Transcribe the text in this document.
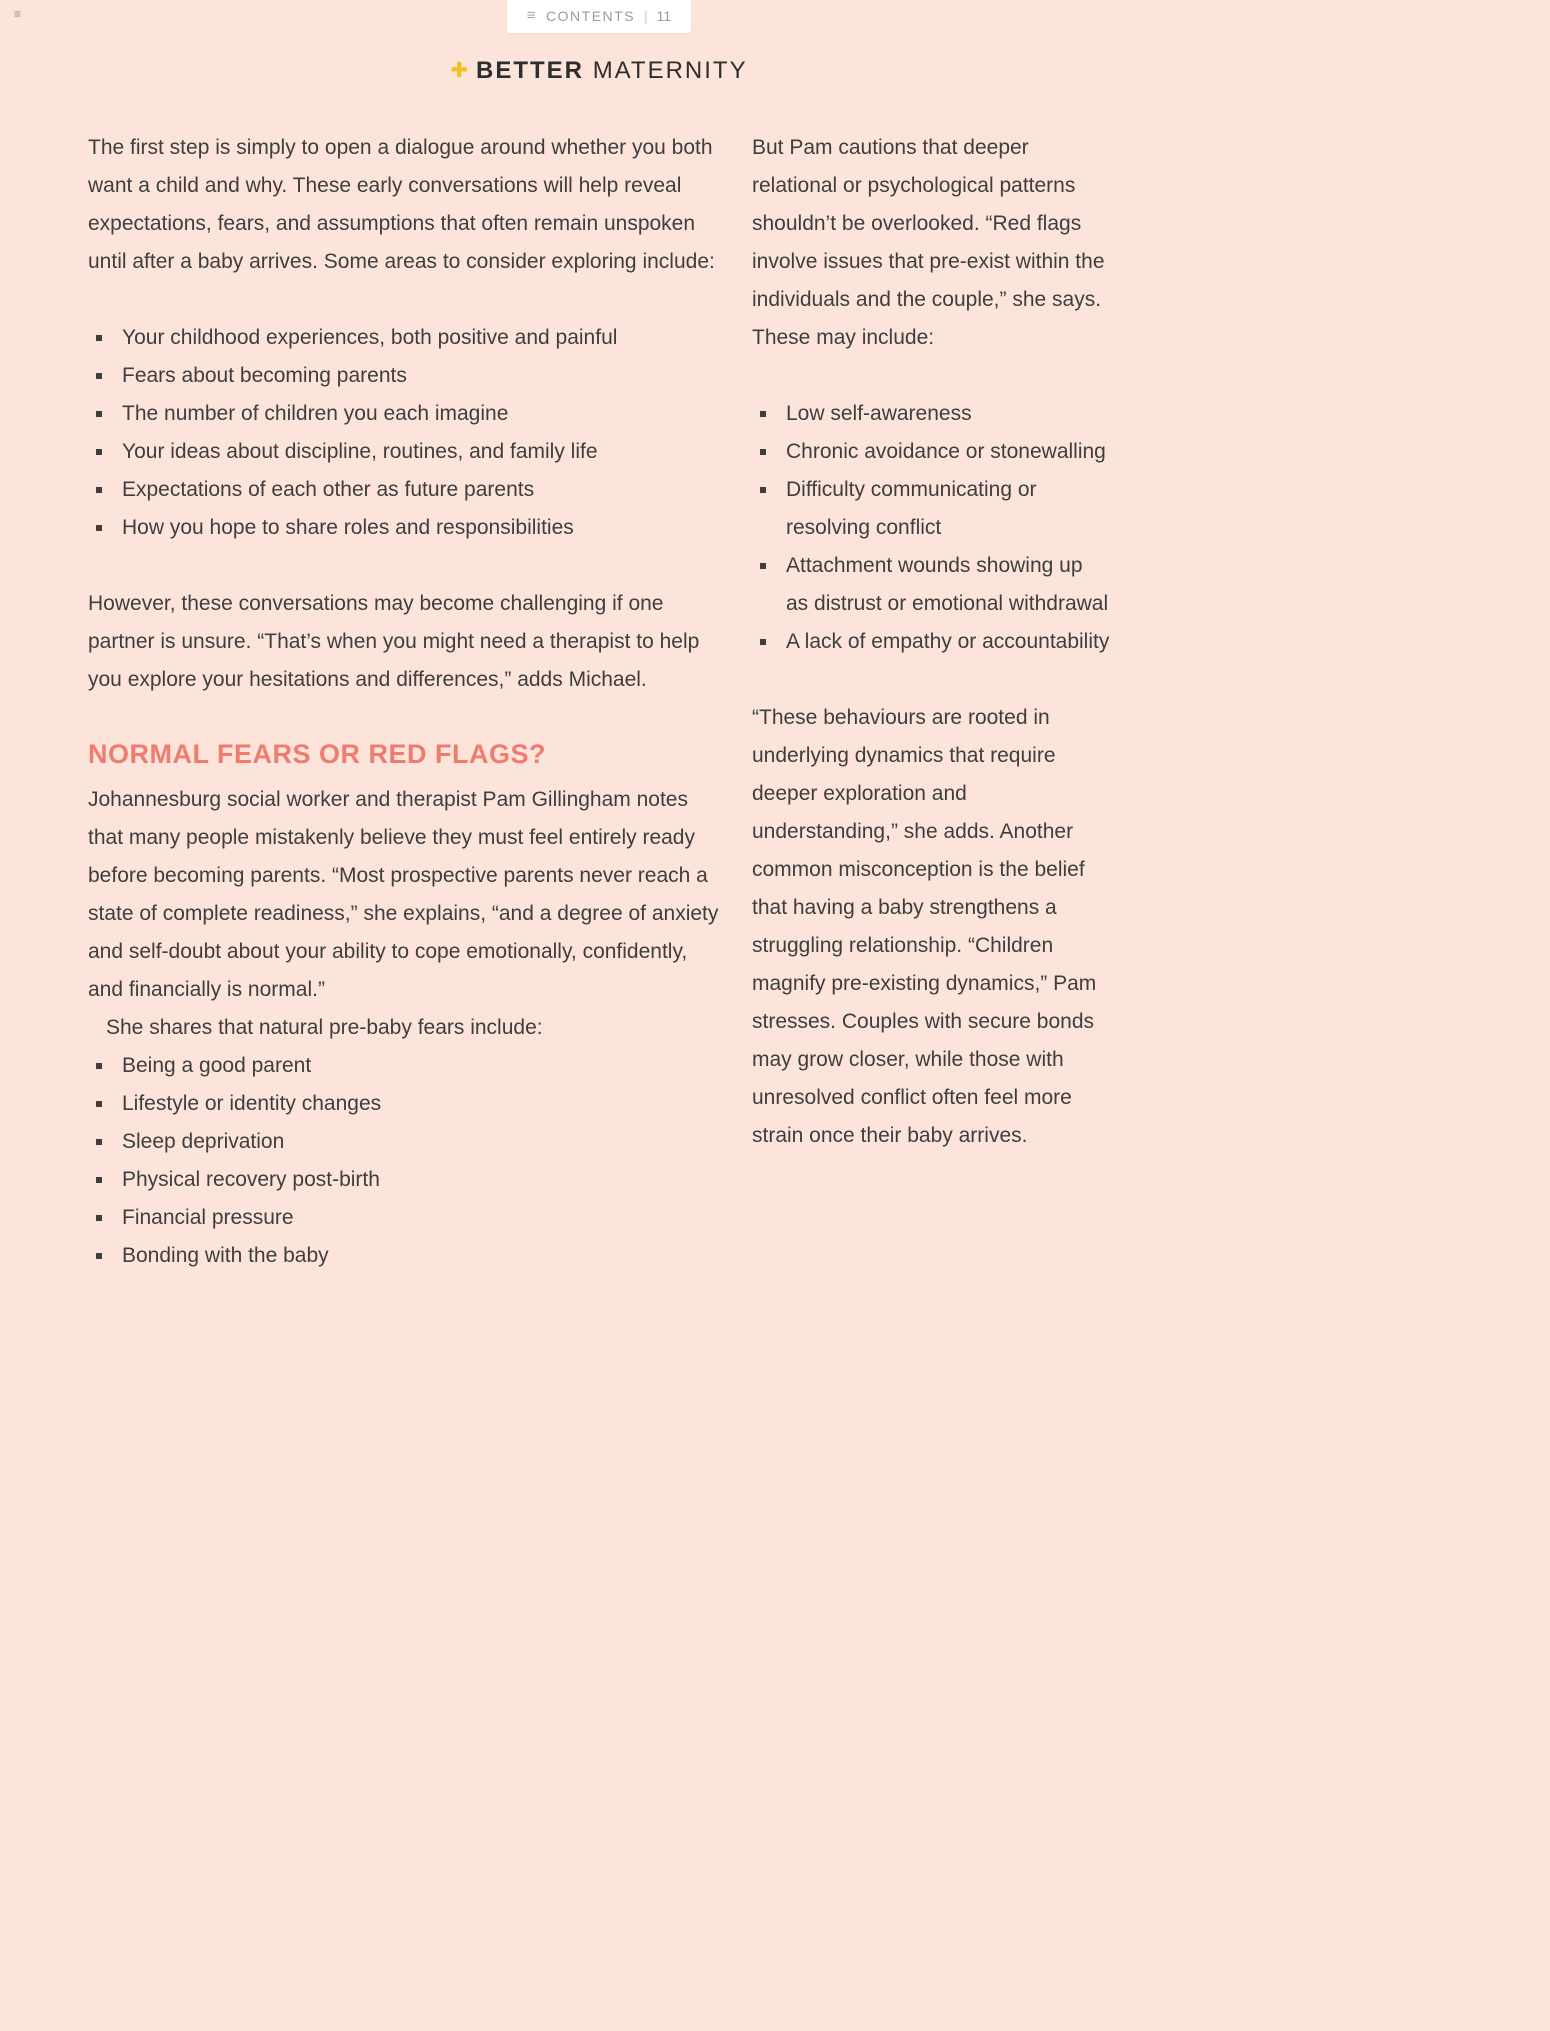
≡	≡ CONTENTS | 11
✚ BETTER MATERNITY

The first step is simply to open a dialogue around whether you both want a child and why. These early conversations will help reveal expectations, fears, and assumptions that often remain unspoken until after a baby arrives. Some areas to consider exploring include:

Your childhood experiences, both positive and painful
Fears about becoming parents
The number of children you each imagine
Your ideas about discipline, routines, and family life
Expectations of each other as future parents
How you hope to share roles and responsibilities

However, these conversations may become challenging if one partner is unsure. “That’s when you might need a therapist to help you explore your hesitations and differences,” adds Michael.

NORMAL FEARS OR RED FLAGS?

Johannesburg social worker and therapist Pam Gillingham notes that many people mistakenly believe they must feel entirely ready before becoming parents. “Most prospective parents never reach a state of complete readiness,” she explains, “and a degree of anxiety and self-doubt about your ability to cope emotionally, confidently, and financially is normal.”

She shares that natural pre-baby fears include:

Being a good parent
Lifestyle or identity changes
Sleep deprivation
Physical recovery post-birth
Financial pressure
Bonding with the baby

But Pam cautions that deeper relational or psychological patterns shouldn’t be overlooked. “Red flags involve issues that pre-exist within the individuals and the couple,” she says. These may include:

Low self-awareness
Chronic avoidance or stonewalling
Difficulty communicating or resolving conflict
Attachment wounds showing up as distrust or emotional withdrawal
A lack of empathy or accountability

“These behaviours are rooted in underlying dynamics that require deeper exploration and understanding,” she adds. Another common misconception is the belief that having a baby strengthens a struggling relationship. “Children magnify pre-existing dynamics,” Pam stresses. Couples with secure bonds may grow closer, while those with unresolved conflict often feel more strain once their baby arrives.
